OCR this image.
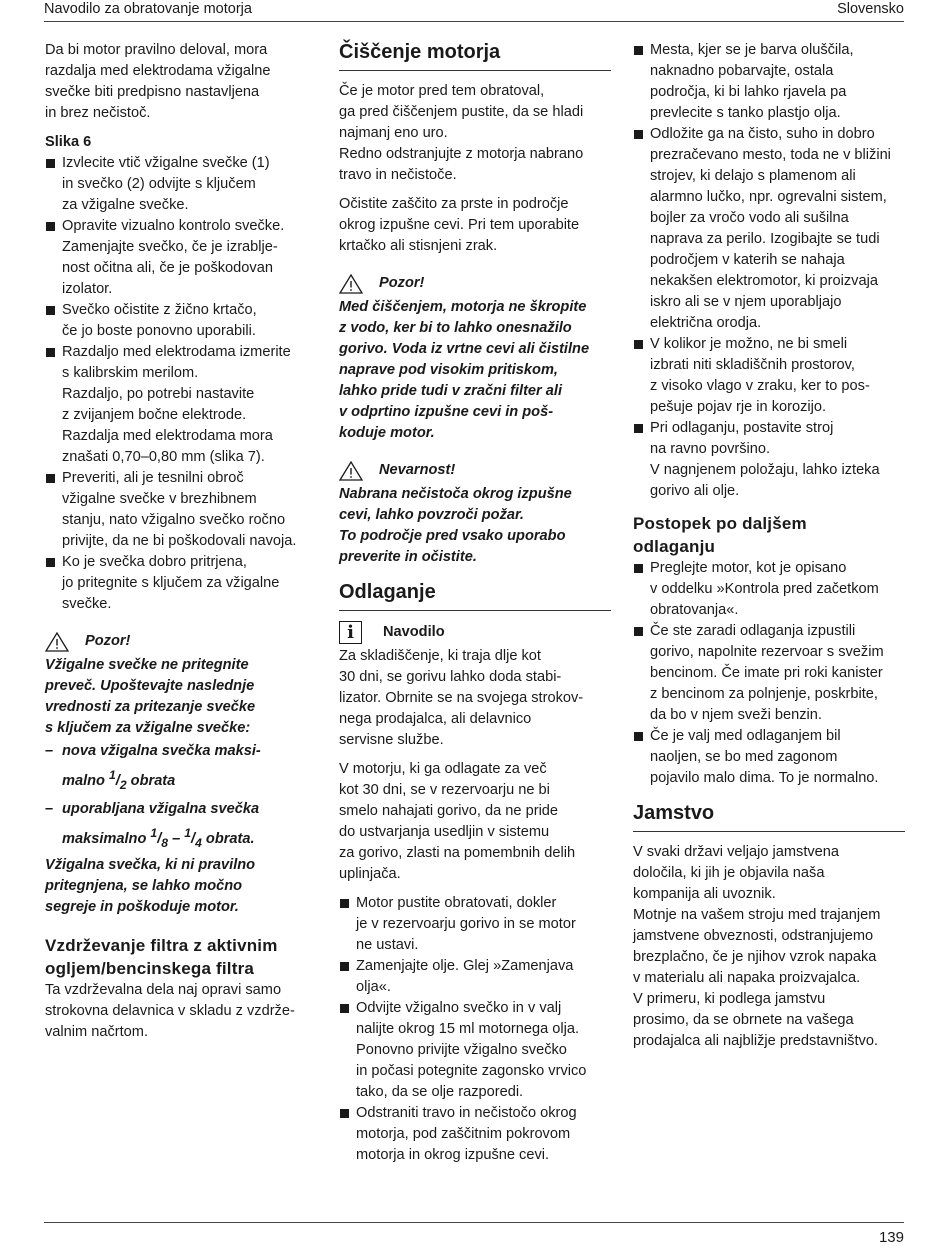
Navodilo za obratovanje motorja	Slovensko

Da bi motor pravilno deloval, mora
razdalja med elektrodama vžigalne
svečke biti predpisno nastavljena
in brez nečistoč.

Slika 6

Izvlecite vtič vžigalne svečke (1)
in svečko (2) odvijte s ključem
za vžigalne svečke.
Opravite vizualno kontrolo svečke.
Zamenjajte svečko, če je izrablje-
nost očitna ali, če je poškodovan
izolator.
Svečko očistite z žično krtačo,
če jo boste ponovno uporabili.
Razdaljo med elektrodama izmerite
s kalibrskim merilom.
Razdaljo, po potrebi nastavite
z zvijanjem bočne elektrode.
Razdalja med elektrodama mora
znašati 0,70–0,80 mm (slika 7).
Preveriti, ali je tesnilni obroč
vžigalne svečke v brezhibnem
stanju, nato vžigalno svečko ročno
privijte, da ne bi poškodovali navoja.
Ko je svečka dobro pritrjena,
jo pritegnite s ključem za vžigalne
svečke.
Pozor!

Vžigalne svečke ne pritegnite
preveč. Upoštevajte naslednje
vrednosti za pritezanje svečke
s ključem za vžigalne svečke:

– nova vžigalna svečka maksi-
malno $^1/_2$ obrata
– uporabljana vžigalna svečka
maksimalno $^1/_8 - ^1/_4$ obrata.

Vžigalna svečka, ki ni pravilno
pritegnjena, se lahko močno
segreje in poškoduje motor.

Vzdrževanje filtra z aktivnim
ogljem/bencinskega filtra

Ta vzdrževalna dela naj opravi samo
strokovna delavnica v skladu z vzdrže-
valnim načrtom.

Čiščenje motorja

Če je motor pred tem obratoval,
ga pred čiščenjem pustite, da se hladi
najmanj eno uro.
Redno odstranjujte z motorja nabrano
travo in nečistoče.

Očistite zaščito za prste in področje
okrog izpušne cevi. Pri tem uporabite
krtačko ali stisnjeni zrak.

Pozor!

Med čiščenjem, motorja ne škropite
z vodo, ker bi to lahko onesnažilo
gorivo. Voda iz vrtne cevi ali čistilne
naprave pod visokim pritiskom,
lahko pride tudi v zračni filter ali
v odprtino izpušne cevi in poš-
koduje motor.

Nevarnost!

Nabrana nečistoča okrog izpušne
cevi, lahko povzroči požar.
To področje pred vsako uporabo
preverite in očistite.

Odlaganje
i	Navodilo

Za skladiščenje, ki traja dlje kot
30 dni, se gorivu lahko doda stabi-
lizator. Obrnite se na svojega strokov-
nega prodajalca, ali delavnico
servisne službe.

V motorju, ki ga odlagate za več
kot 30 dni, se v rezervoarju ne bi
smelo nahajati gorivo, da ne pride
do ustvarjanja usedljin v sistemu
za gorivo, zlasti na pomembnih delih
uplinjača.

Motor pustite obratovati, dokler
je v rezervoarju gorivo in se motor
ne ustavi.
Zamenjajte olje. Glej »Zamenjava
olja«.
Odvijte vžigalno svečko in v valj
nalijte okrog 15 ml motornega olja.
Ponovno privijte vžigalno svečko
in počasi potegnite zagonsko vrvico
tako, da se olje razporedi.
Odstraniti travo in nečistočo okrog
motorja, pod zaščitnim pokrovom
motorja in okrog izpušne cevi.
Mesta, kjer se je barva oluščila,
naknadno pobarvajte, ostala
področja, ki bi lahko rjavela pa
prevlecite s tanko plastjo olja.
Odložite ga na čisto, suho in dobro
prezračevano mesto, toda ne v bližini
strojev, ki delajo s plamenom ali
alarmno lučko, npr. ogrevalni sistem,
bojler za vročo vodo ali sušilna
naprava za perilo. Izogibajte se tudi
področjem v katerih se nahaja
nekakšen elektromotor, ki proizvaja
iskro ali se v njem uporabljajo
električna orodja.
V kolikor je možno, ne bi smeli
izbrati niti skladiščnih prostorov,
z visoko vlago v zraku, ker to pos-
pešuje pojav rje in korozijo.
Pri odlaganju, postavite stroj
na ravno površino.
V nagnjenem položaju, lahko izteka
gorivo ali olje.
Postopek po daljšem
odlaganju
Preglejte motor, kot je opisano
v oddelku »Kontrola pred začetkom
obratovanja«.
Če ste zaradi odlaganja izpustili
gorivo, napolnite rezervoar s svežim
bencinom. Če imate pri roki kanister
z bencinom za polnjenje, poskrbite,
da bo v njem sveži benzin.
Če je valj med odlaganjem bil
naoljen, se bo med zagonom
pojavilo malo dima. To je normalno.
Jamstvo

V svaki državi veljajo jamstvena
določila, ki jih je objavila naša
kompanija ali uvoznik.
Motnje na vašem stroju med trajanjem
jamstvene obveznosti, odstranjujemo
brezplačno, če je njihov vzrok napaka
v materialu ali napaka proizvajalca.
V primeru, ki podlega jamstvu
prosimo, da se obrnete na vašega
prodajalca ali najbližje predstavništvo.

139
